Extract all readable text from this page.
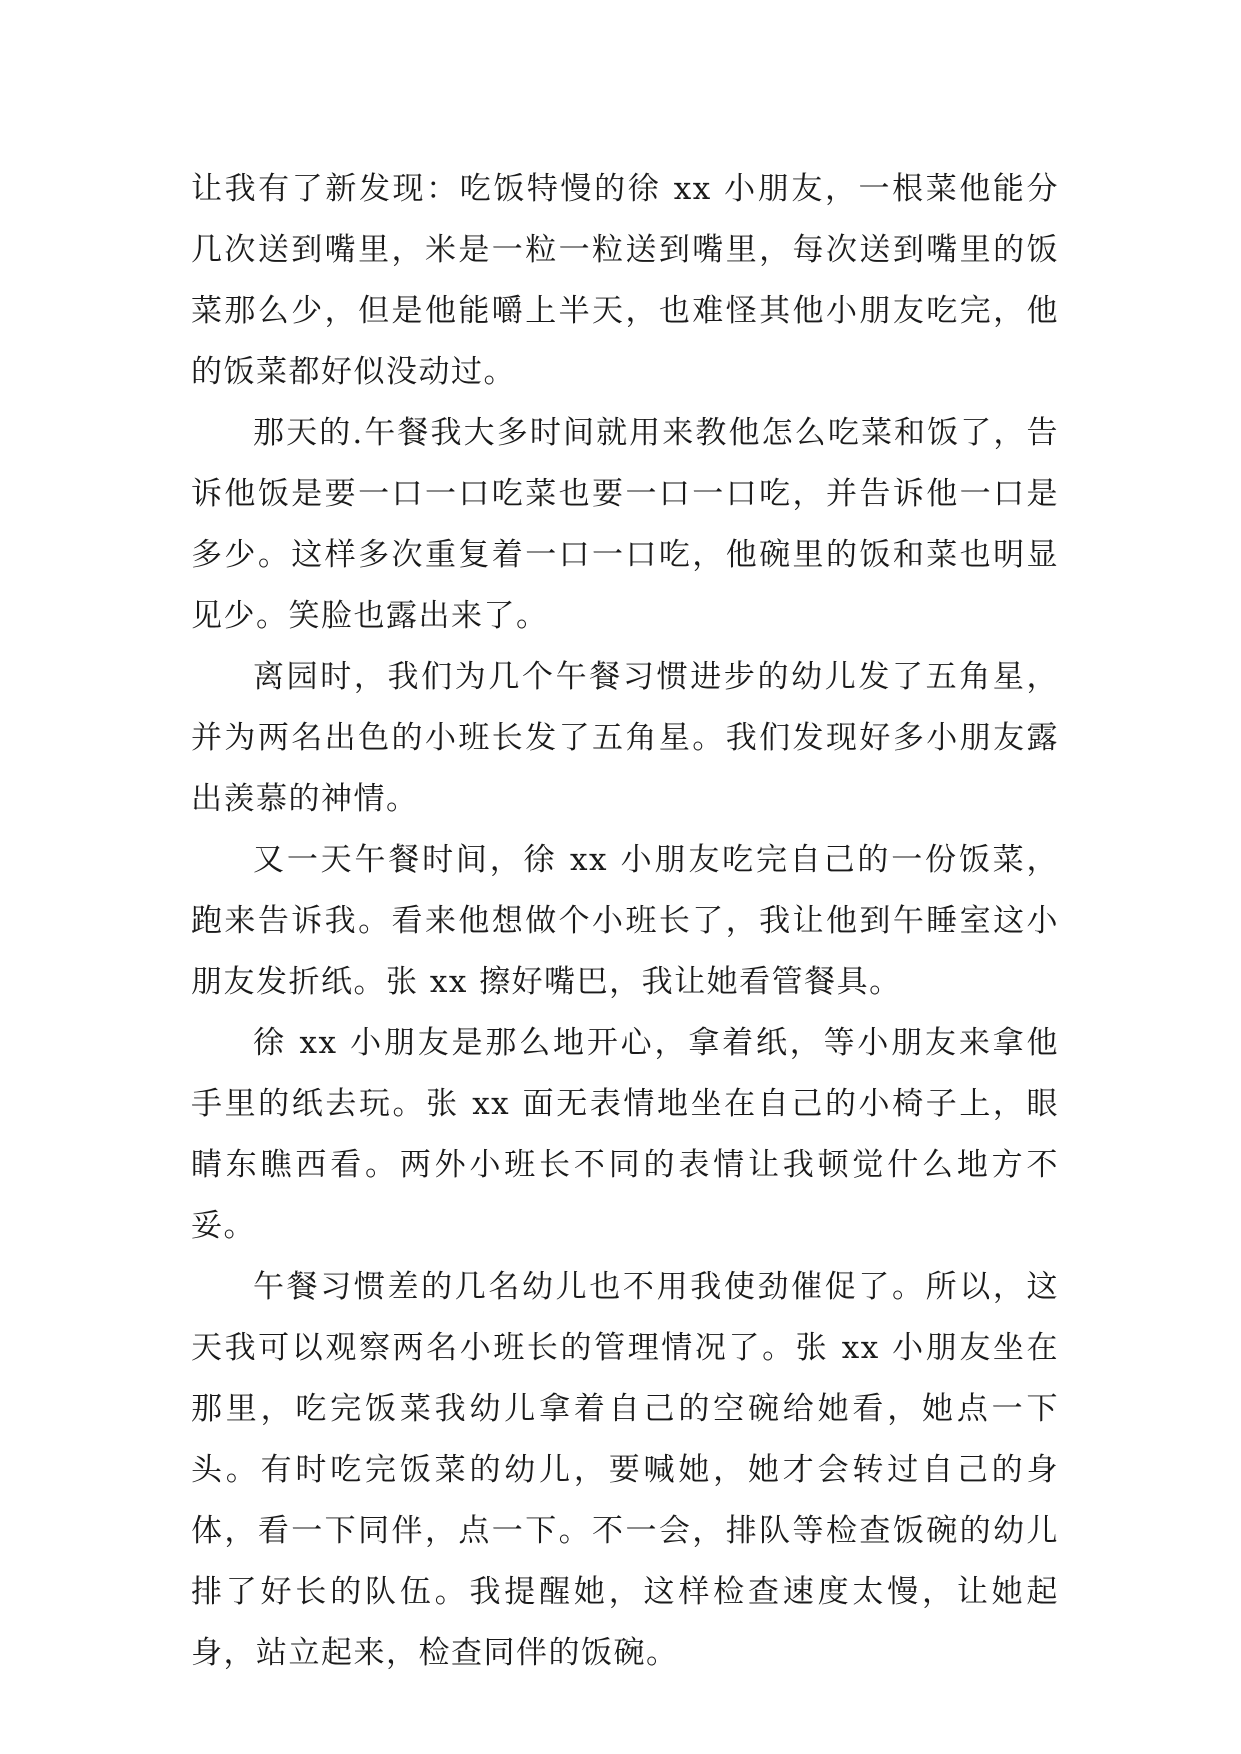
让我有了新发现：吃饭特慢的徐 xx 小朋友，一根菜他能分几次送到嘴里，米是一粒一粒送到嘴里，每次送到嘴里的饭菜那么少，但是他能嚼上半天，也难怪其他小朋友吃完，他的饭菜都好似没动过。

那天的.午餐我大多时间就用来教他怎么吃菜和饭了，告诉他饭是要一口一口吃菜也要一口一口吃，并告诉他一口是多少。这样多次重复着一口一口吃，他碗里的饭和菜也明显见少。笑脸也露出来了。

离园时，我们为几个午餐习惯进步的幼儿发了五角星，并为两名出色的小班长发了五角星。我们发现好多小朋友露出羡慕的神情。

又一天午餐时间，徐 xx 小朋友吃完自己的一份饭菜，跑来告诉我。看来他想做个小班长了，我让他到午睡室这小朋友发折纸。张 xx 擦好嘴巴，我让她看管餐具。

徐 xx 小朋友是那么地开心，拿着纸，等小朋友来拿他手里的纸去玩。张 xx 面无表情地坐在自己的小椅子上，眼睛东瞧西看。两外小班长不同的表情让我顿觉什么地方不妥。

午餐习惯差的几名幼儿也不用我使劲催促了。所以，这天我可以观察两名小班长的管理情况了。张 xx 小朋友坐在那里，吃完饭菜我幼儿拿着自己的空碗给她看，她点一下头。有时吃完饭菜的幼儿，要喊她，她才会转过自己的身体，看一下同伴，点一下。不一会，排队等检查饭碗的幼儿排了好长的队伍。我提醒她，这样检查速度太慢，让她起身，站立起来，检查同伴的饭碗。
